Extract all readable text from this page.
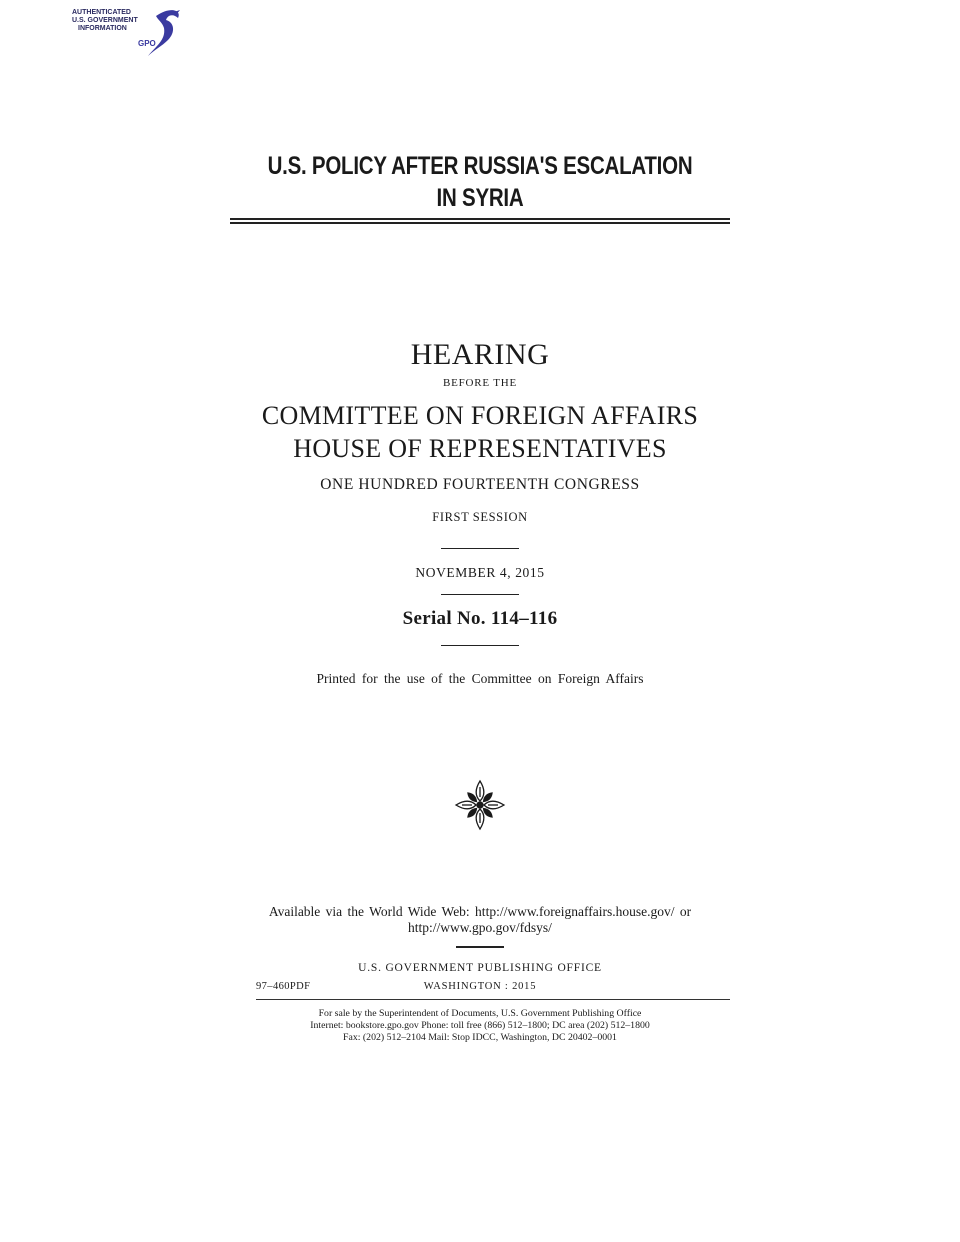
AUTHENTICATED
U.S. GOVERNMENT
INFORMATION
GPO
U.S. POLICY AFTER RUSSIA'S ESCALATION
IN SYRIA
HEARING
BEFORE THE
COMMITTEE ON FOREIGN AFFAIRS
HOUSE OF REPRESENTATIVES
ONE HUNDRED FOURTEENTH CONGRESS
FIRST SESSION
NOVEMBER 4, 2015
Serial No. 114–116
Printed for the use of the Committee on Foreign Affairs
Available via the World Wide Web: http://www.foreignaffairs.house.gov/ or
http://www.gpo.gov/fdsys/
U.S. GOVERNMENT PUBLISHING OFFICE
97–460PDF	WASHINGTON : 2015
For sale by the Superintendent of Documents, U.S. Government Publishing Office
Internet: bookstore.gpo.gov Phone: toll free (866) 512–1800; DC area (202) 512–1800
Fax: (202) 512–2104 Mail: Stop IDCC, Washington, DC 20402–0001
